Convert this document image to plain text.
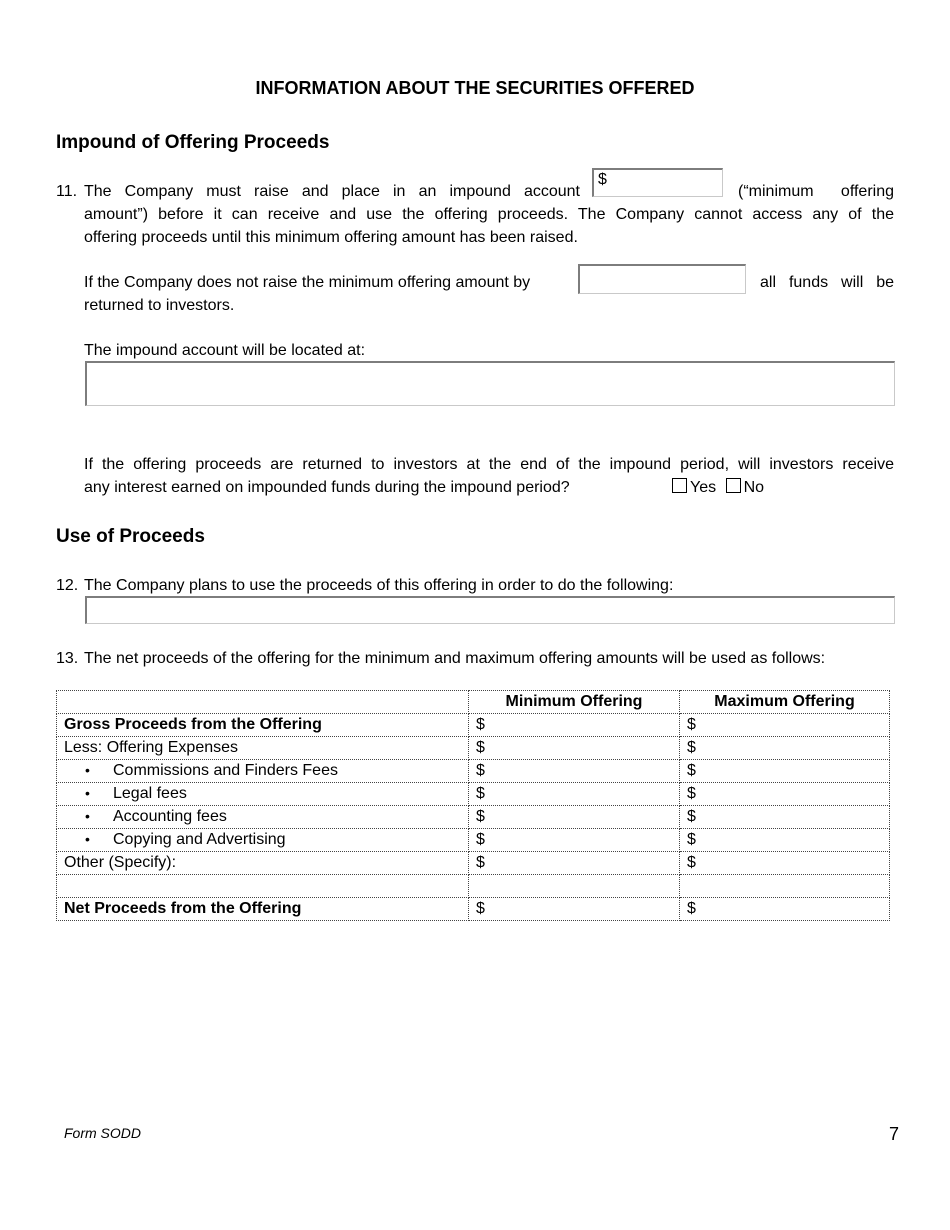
INFORMATION ABOUT THE SECURITIES OFFERED
Impound of Offering Proceeds
11. The Company must raise and place in an impound account
$	(“minimum offering
amount”) before it can receive and use the offering proceeds. The Company cannot access any of the
offering proceeds until this minimum offering amount has been raised.
If the Company does not raise the minimum offering amount by	all funds will be
returned to investors.
The impound account will be located at:
If the offering proceeds are returned to investors at the end of the impound period, will investors receive
any interest earned on impounded funds during the impound period?	Yes No
Use of Proceeds
12. The Company plans to use the proceeds of this offering in order to do the following:
13. The net proceeds of the offering for the minimum and maximum offering amounts will be used as follows:
	Minimum Offering	Maximum Offering
Gross Proceeds from the Offering	$	$
Less: Offering Expenses	$	$
• Commissions and Finders Fees	$	$
• Legal fees	$	$
• Accounting fees	$	$
• Copying and Advertising	$	$
Other (Specify):	$	$

Net Proceeds from the Offering	$	$
Form SODD	7
